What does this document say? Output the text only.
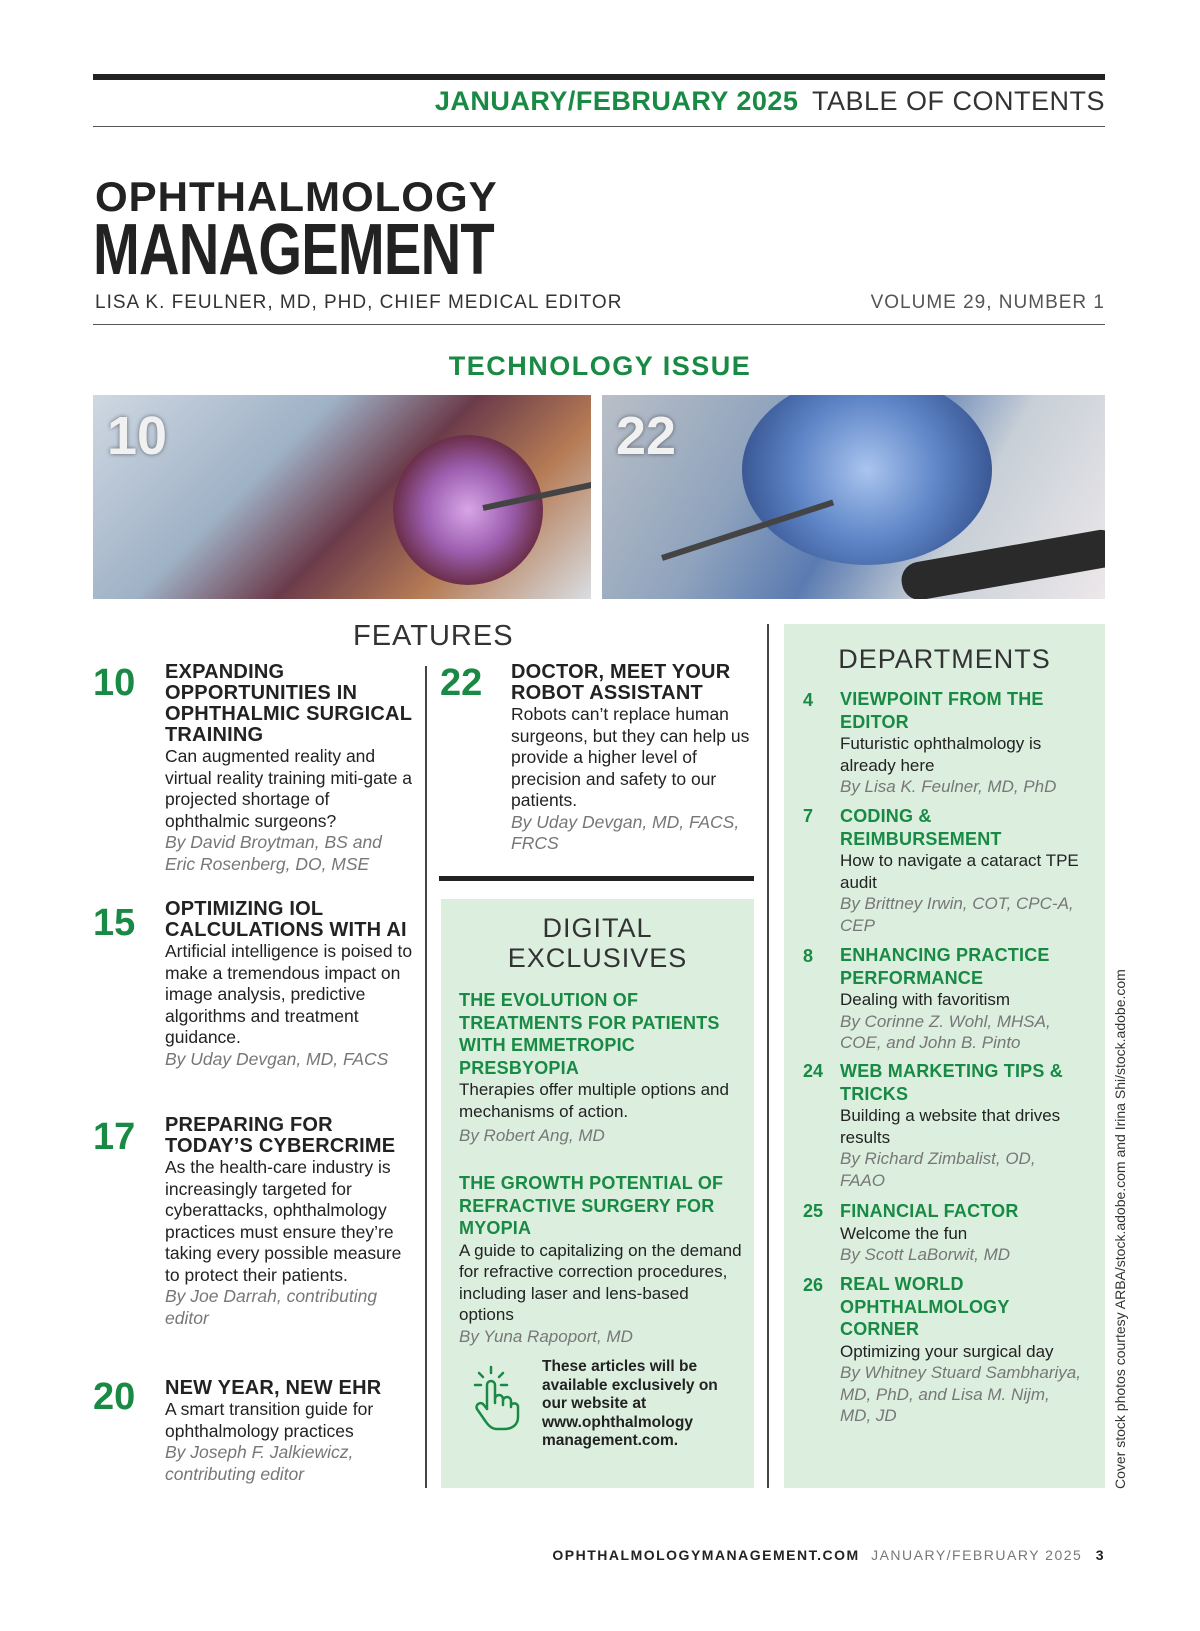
JANUARY/FEBRUARY 2025 TABLE OF CONTENTS
OPHTHALMOLOGY
MANAGEMENT
LISA K. FEULNER, MD, PHD, CHIEF MEDICAL EDITOR	VOLUME 29, NUMBER 1
TECHNOLOGY ISSUE
10	22
FEATURES
10 EXPANDING OPPORTUNITIES IN OPHTHALMIC SURGICAL TRAINING
Can augmented reality and virtual reality training miti-gate a projected shortage of ophthalmic surgeons?
By David Broytman, BS and Eric Rosenberg, DO, MSE
15 OPTIMIZING IOL CALCULATIONS WITH AI
Artificial intelligence is poised to make a tremendous impact on image analysis, predictive algorithms and treatment guidance.
By Uday Devgan, MD, FACS
17 PREPARING FOR TODAY’S CYBERCRIME
As the health-care industry is increasingly targeted for cyberattacks, ophthalmology practices must ensure they’re taking every possible measure to protect their patients.
By Joe Darrah, contributing editor
20 NEW YEAR, NEW EHR
A smart transition guide for ophthalmology practices
By Joseph F. Jalkiewicz, contributing editor
22 DOCTOR, MEET YOUR ROBOT ASSISTANT
Robots can’t replace human surgeons, but they can help us provide a higher level of precision and safety to our patients.
By Uday Devgan, MD, FACS, FRCS
DIGITAL
EXCLUSIVES
THE EVOLUTION OF TREATMENTS FOR PATIENTS WITH EMMETROPIC PRESBYOPIA
Therapies offer multiple options and mechanisms of action.
By Robert Ang, MD
THE GROWTH POTENTIAL OF REFRACTIVE SURGERY FOR MYOPIA
A guide to capitalizing on the demand for refractive correction procedures, including laser and lens-based options
By Yuna Rapoport, MD
These articles will be available exclusively on our website at www.ophthalmology management.com.
DEPARTMENTS
4 VIEWPOINT FROM THE EDITOR
Futuristic ophthalmology is already here
By Lisa K. Feulner, MD, PhD
7 CODING & REIMBURSEMENT
How to navigate a cataract TPE audit
By Brittney Irwin, COT, CPC-A, CEP
8 ENHANCING PRACTICE PERFORMANCE
Dealing with favoritism
By Corinne Z. Wohl, MHSA, COE, and John B. Pinto
24 WEB MARKETING TIPS & TRICKS
Building a website that drives results
By Richard Zimbalist, OD, FAAO
25 FINANCIAL FACTOR
Welcome the fun
By Scott LaBorwit, MD
26 REAL WORLD OPHTHALMOLOGY CORNER
Optimizing your surgical day
By Whitney Stuard Sambhariya, MD, PhD, and Lisa M. Nijm, MD, JD	Cover stock photos courtesy ARBA/stock.adobe.com and Irina Shi/stock.adobe.com
OPHTHALMOLOGYMANAGEMENT.COM JANUARY/FEBRUARY 2025 3
